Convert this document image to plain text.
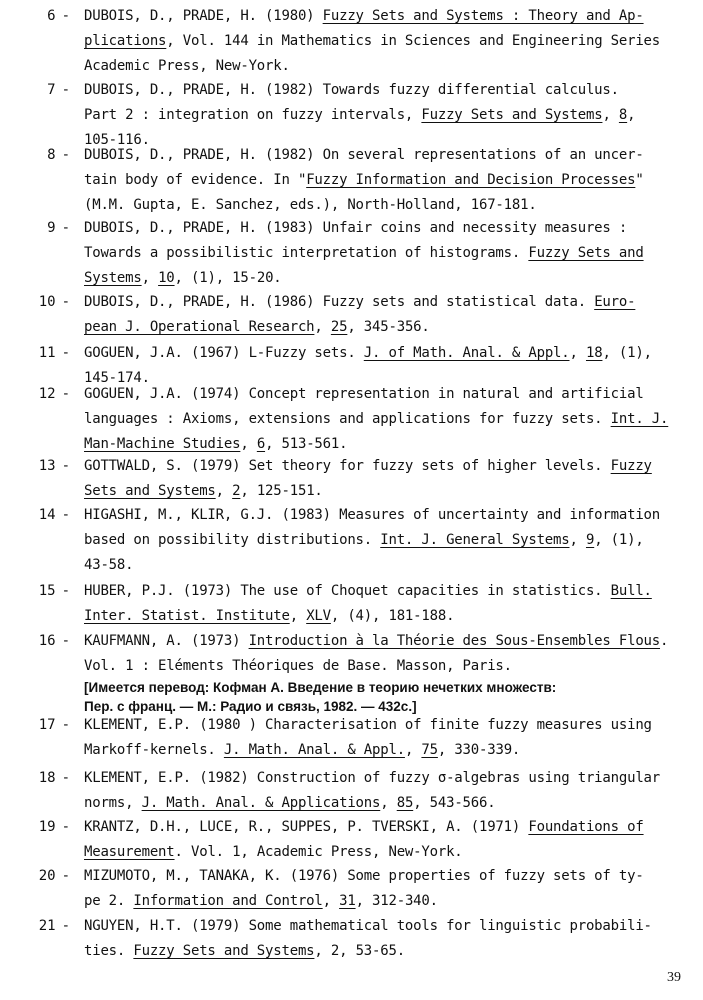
6 - DUBOIS, D., PRADE, H. (1980) Fuzzy Sets and Systems : Theory and Ap-
plications, Vol. 144 in Mathematics in Sciences and Engineering Series
Academic Press, New-York.
7 - DUBOIS, D., PRADE, H. (1982) Towards fuzzy differential calculus.
Part 2 : integration on fuzzy intervals, Fuzzy Sets and Systems, 8,
105-116.
8 - DUBOIS, D., PRADE, H. (1982) On several representations of an uncer-
tain body of evidence. In "Fuzzy Information and Decision Processes"
(M.M. Gupta, E. Sanchez, eds.), North-Holland, 167-181.
9 - DUBOIS, D., PRADE, H. (1983) Unfair coins and necessity measures :
Towards a possibilistic interpretation of histograms. Fuzzy Sets and
Systems, 10, (1), 15-20.
10 - DUBOIS, D., PRADE, H. (1986) Fuzzy sets and statistical data. Euro-
pean J. Operational Research, 25, 345-356.
11 - GOGUEN, J.A. (1967) L-Fuzzy sets. J. of Math. Anal. & Appl., 18, (1),
145-174.
12 - GOGUEN, J.A. (1974) Concept representation in natural and artificial
languages : Axioms, extensions and applications for fuzzy sets. Int. J.
Man-Machine Studies, 6, 513-561.
13 - GOTTWALD, S. (1979) Set theory for fuzzy sets of higher levels. Fuzzy
Sets and Systems, 2, 125-151.
14 - HIGASHI, M., KLIR, G.J. (1983) Measures of uncertainty and information
based on possibility distributions. Int. J. General Systems, 9, (1),
43-58.
15 - HUBER, P.J. (1973) The use of Choquet capacities in statistics. Bull.
Inter. Statist. Institute, XLV, (4), 181-188.
16 - KAUFMANN, A. (1973) Introduction à la Théorie des Sous-Ensembles Flous.
Vol. 1 : Eléments Théoriques de Base. Masson, Paris.
[Имеется перевод: Кофман А. Введение в теорию нечетких множеств:
Пер. с франц. — М.: Радио и связь, 1982. — 432с.]
17 - KLEMENT, E.P. (1980 ) Characterisation of finite fuzzy measures using
Markoff-kernels. J. Math. Anal. & Appl., 75, 330-339.
18 - KLEMENT, E.P. (1982) Construction of fuzzy σ-algebras using triangular
norms, J. Math. Anal. & Applications, 85, 543-566.
19 - KRANTZ, D.H., LUCE, R., SUPPES, P. TVERSKI, A. (1971) Foundations of
Measurement. Vol. 1, Academic Press, New-York.
20 - MIZUMOTO, M., TANAKA, K. (1976) Some properties of fuzzy sets of ty-
pe 2. Information and Control, 31, 312-340.
21 - NGUYEN, H.T. (1979) Some mathematical tools for linguistic probabili-
ties. Fuzzy Sets and Systems, 2, 53-65.
39
